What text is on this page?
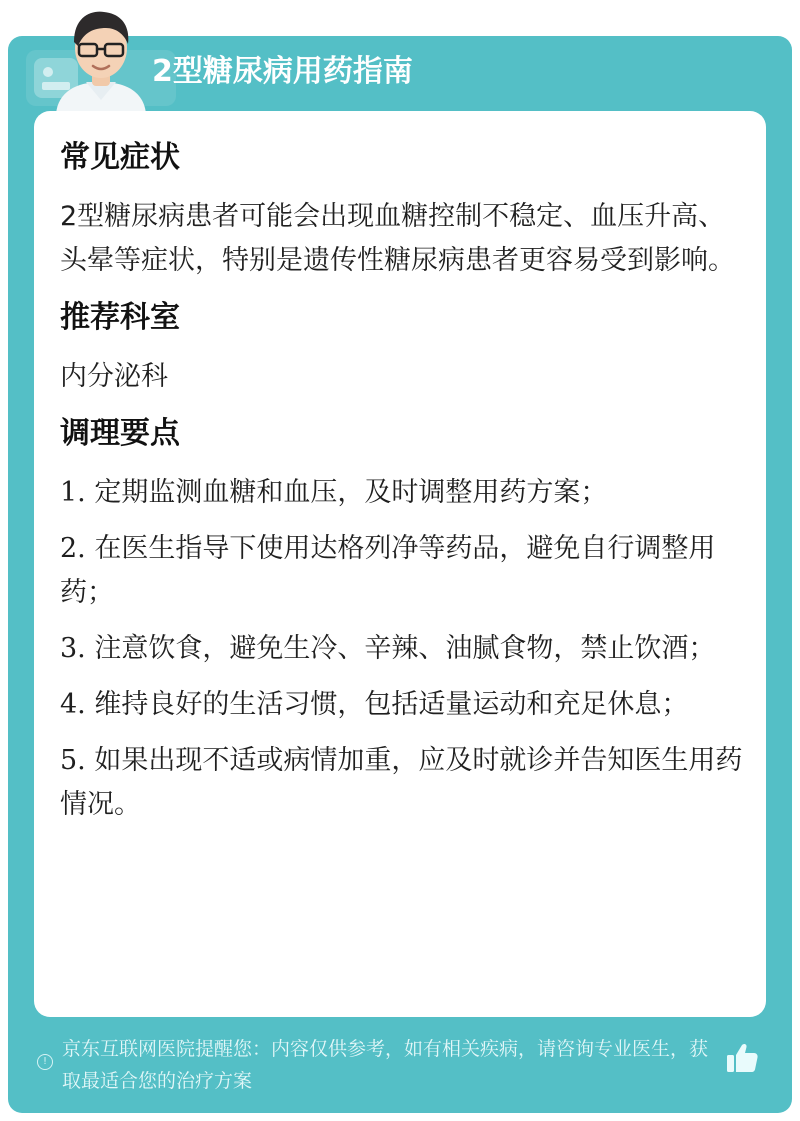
2型糖尿病用药指南
常见症状
2型糖尿病患者可能会出现血糖控制不稳定、血压升高、头晕等症状，特别是遗传性糖尿病患者更容易受到影响。
推荐科室
内分泌科
调理要点
1. 定期监测血糖和血压，及时调整用药方案；
2. 在医生指导下使用达格列净等药品，避免自行调整用药；
3. 注意饮食，避免生冷、辛辣、油腻食物，禁止饮酒；
4. 维持良好的生活习惯，包括适量运动和充足休息；
5. 如果出现不适或病情加重，应及时就诊并告知医生用药情况。
!
京东互联网医院提醒您：内容仅供参考，如有相关疾病，请咨询专业医生，获取最适合您的治疗方案
